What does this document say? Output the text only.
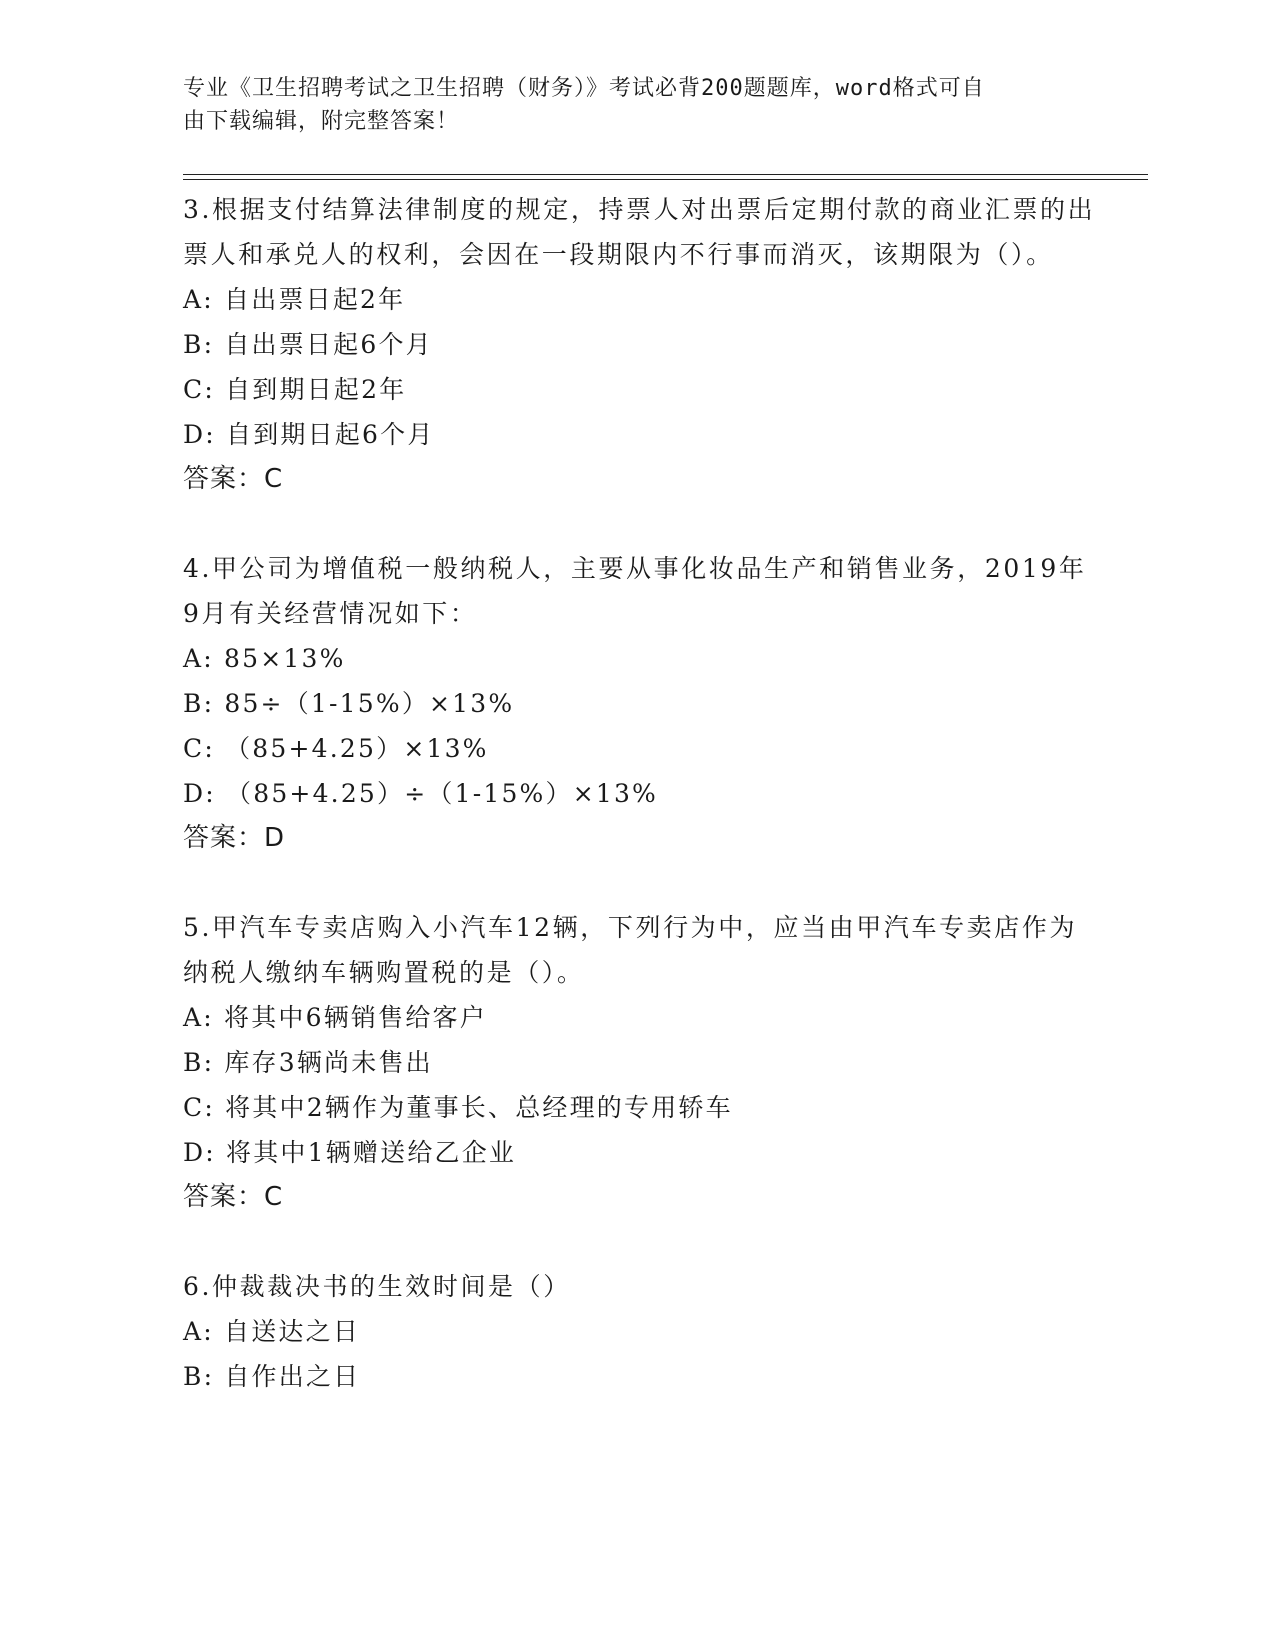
专业《卫生招聘考试之卫生招聘（财务）》考试必背200题题库，word格式可自
由下载编辑，附完整答案！
3.根据支付结算法律制度的规定，持票人对出票后定期付款的商业汇票的出票人和承兑人的权利，会因在一段期限内不行事而消灭，该期限为（）。
A: 自出票日起2年
B: 自出票日起6个月
C: 自到期日起2年
D: 自到期日起6个月
答案：C
4.甲公司为增值税一般纳税人，主要从事化妆品生产和销售业务，2019年9月有关经营情况如下：
A: 85×13%
B: 85÷（1-15%）×13%
C: （85+4.25）×13%
D: （85+4.25）÷（1-15%）×13%
答案：D
5.甲汽车专卖店购入小汽车12辆，下列行为中，应当由甲汽车专卖店作为纳税人缴纳车辆购置税的是（）。
A: 将其中6辆销售给客户
B: 库存3辆尚未售出
C: 将其中2辆作为董事长、总经理的专用轿车
D: 将其中1辆赠送给乙企业
答案：C
6.仲裁裁决书的生效时间是（）
A: 自送达之日
B: 自作出之日
